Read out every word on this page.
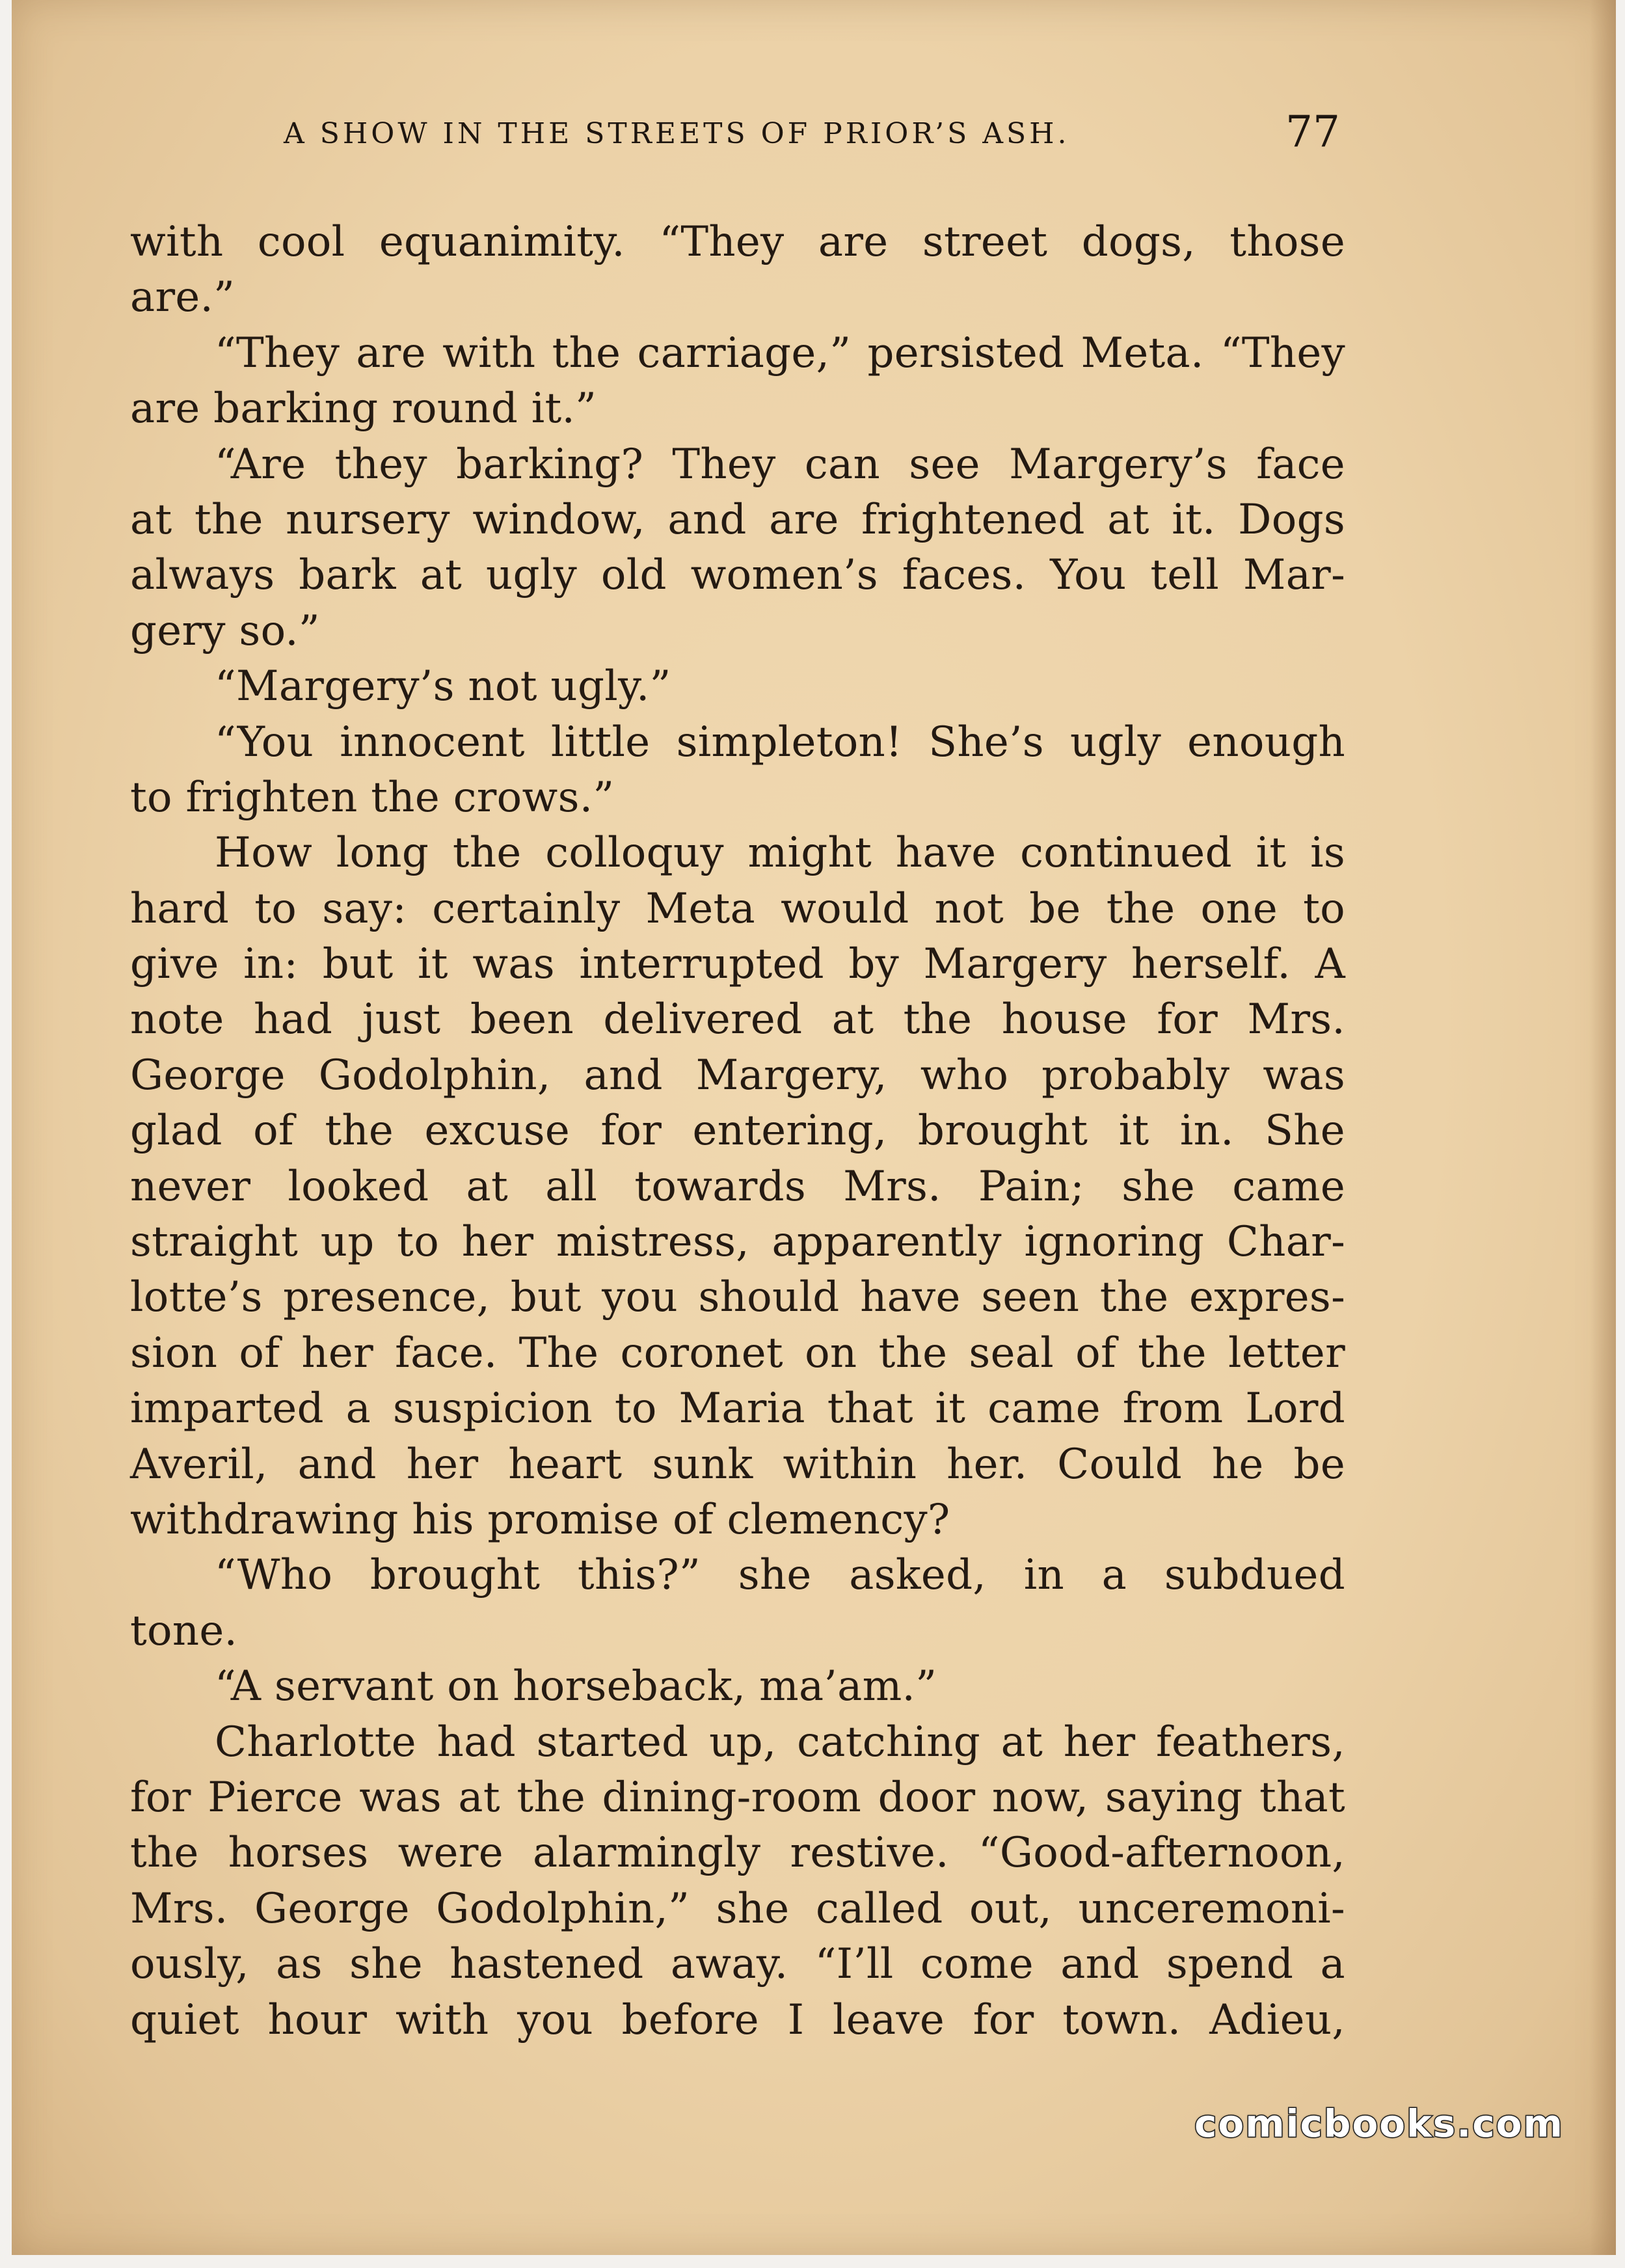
A SHOW IN THE STREETS OF PRIOR’S ASH.	77
with cool equanimity. “They are street dogs, those
are.”
“They are with the carriage,” persisted Meta. “They
are barking round it.”
“Are they barking? They can see Margery’s face
at the nursery window, and are frightened at it. Dogs
always bark at ugly old women’s faces. You tell Mar-
gery so.”
“Margery’s not ugly.”
“You innocent little simpleton! She’s ugly enough
to frighten the crows.”
How long the colloquy might have continued it is
hard to say: certainly Meta would not be the one to
give in: but it was interrupted by Margery herself. A
note had just been delivered at the house for Mrs.
George Godolphin, and Margery, who probably was
glad of the excuse for entering, brought it in. She
never looked at all towards Mrs. Pain; she came
straight up to her mistress, apparently ignoring Char-
lotte’s presence, but you should have seen the expres-
sion of her face. The coronet on the seal of the letter
imparted a suspicion to Maria that it came from Lord
Averil, and her heart sunk within her. Could he be
withdrawing his promise of clemency?
“Who brought this?” she asked, in a subdued
tone.
“A servant on horseback, ma’am.”
Charlotte had started up, catching at her feathers,
for Pierce was at the dining-room door now, saying that
the horses were alarmingly restive. “Good-afternoon,
Mrs. George Godolphin,” she called out, unceremoni-
ously, as she hastened away. “I’ll come and spend a
quiet hour with you before I leave for town. Adieu,
comicbooks.com
